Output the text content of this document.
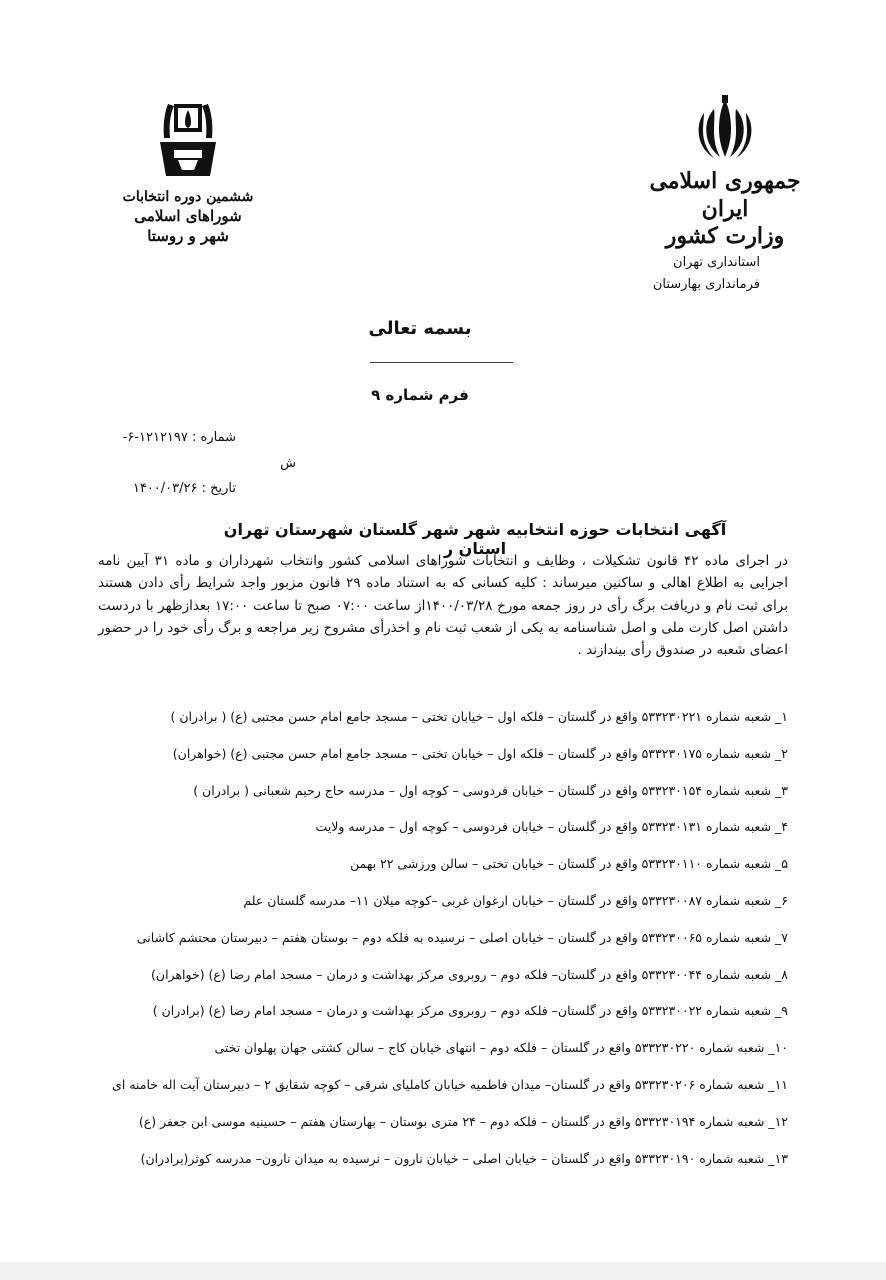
جمهوری اسلامی ایران
وزارت کشور
استانداری تهران
فرمانداری بهارستان
ششمین دوره انتخابات
شوراهای اسلامی شهر و روستا
بسمه تعالی
فرم شماره ۹
شماره : ۱۲۱۲۱۹۷-۶-
ش
تاریخ : ۱۴۰۰/۰۳/۲۶
آگهی انتخابات حوزه انتخابیه شهر شهر گلستان شهرستان تهران استان ر
در اجرای ماده ۴۲ قانون تشکیلات ، وظایف و انتخابات شوراهای اسلامی کشور وانتخاب شهرداران و ماده ۳۱ آیین نامه اجرایی به اطلاع اهالی و ساکنین میرساند : کلیه کسانی که به استناد ماده ۲۹ قانون مزبور واجد شرایط رأی دادن هستند برای ثبت نام و دریافت برگ رأی در روز جمعه مورخ ۱۴۰۰/۰۳/۲۸از ساعت ۰۷:۰۰ صبح تا ساعت ۱۷:۰۰ بعدازظهر با دردست داشتن اصل کارت ملی و اصل شناسنامه به یکی از شعب ثبت نام و اخذرأی مشروح زیر مراجعه و برگ رأی خود را در حضور اعضای شعبه در صندوق رأی بیندازند .
۱_ شعبه شماره ۵۳۳۲۳۰۲۲۱ واقع در گلستان – فلکه اول – خیابان تختی – مسجد جامع امام حسن مجتبی (ع) ( برادران )
۲_ شعبه شماره ۵۳۳۲۳۰۱۷۵ واقع در گلستان – فلکه اول – خیابان تختی – مسجد جامع امام حسن مجتبی (ع) (خواهران)
۳_ شعبه شماره ۵۳۳۲۳۰۱۵۴ واقع در گلستان – خیابان فردوسی – کوچه اول – مدرسه حاج رحیم شعبانی ( برادران )
۴_ شعبه شماره ۵۳۳۲۳۰۱۳۱ واقع در گلستان – خیابان فردوسی – کوچه اول – مدرسه ولایت
۵_ شعبه شماره ۵۳۳۲۳۰۱۱۰ واقع در گلستان – خیابان تختی – سالن ورزشی ۲۲ بهمن
۶_ شعبه شماره ۵۳۳۲۳۰۰۸۷ واقع در گلستان – خیابان ارغوان غربی –کوچه میلان ۱۱– مدرسه گلستان علم
۷_ شعبه شماره ۵۳۳۲۳۰۰۶۵ واقع در گلستان – خیابان اصلی – نرسیده به فلکه دوم – بوستان هفتم – دبیرستان محتشم کاشانی
۸_ شعبه شماره ۵۳۳۲۳۰۰۴۴ واقع در گلستان– فلکه دوم – روبروی مرکز بهداشت و درمان – مسجد امام رضا (ع) (خواهران)
۹_ شعبه شماره ۵۳۳۲۳۰۰۲۲ واقع در گلستان– فلکه دوم – روبروی مرکز بهداشت و درمان – مسجد امام رضا (ع) (برادران )
۱۰_ شعبه شماره ۵۳۳۲۳۰۲۲۰ واقع در گلستان – فلکه دوم – انتهای خیابان کاج – سالن کشتی جهان پهلوان تختی
۱۱_ شعبه شماره ۵۳۳۲۳۰۲۰۶ واقع در گلستان– میدان فاطمیه خیابان کاملیای شرقی – کوچه شقایق ۲ – دبیرستان آیت اله خامنه ای
۱۲_ شعبه شماره ۵۳۳۲۳۰۱۹۴ واقع در گلستان – فلکه دوم – ۲۴ متری بوستان – بهارستان هفتم – حسینیه موسی ابن جعفر (ع)
۱۳_ شعبه شماره ۵۳۳۲۳۰۱۹۰ واقع در گلستان – خیابان اصلی – خیابان نارون – نرسیده به میدان نارون– مدرسه کوثر(برادران)
